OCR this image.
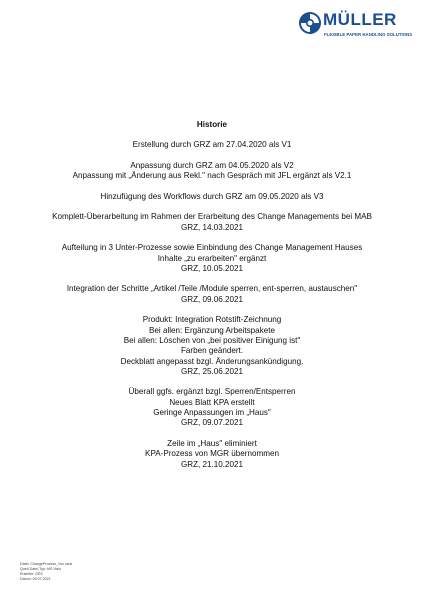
MÜLLER
FLEXIBLE PAPER HANDLING SOLUTIONS
Historie
Erstellung durch GRZ am 27.04.2020 als V1
Anpassung durch GRZ am 04.05.2020 als V2
Anpassung mit „Änderung aus Rekl." nach Gespräch mit JFL ergänzt als V2.1
Hinzufügung des Workflows durch GRZ am 09.05.2020 als V3
Komplett-Überarbeitung im Rahmen der Erarbeitung des Change Managements bei MAB
GRZ, 14.03.2021
Aufteilung in 3 Unter-Prozesse sowie Einbindung des Change Management Hauses
Inhalte „zu erarbeiten" ergänzt
GRZ, 10.05.2021
Integration der Schritte „Artikel /Teile /Module sperren, ent-sperren, austauschen"
GRZ, 09.06.2021
Produkt: Integration Rotstift-Zeichnung
Bei allen: Ergänzung Arbeitspakete
Bei allen: Löschen von „bei positiver Einigung ist"
Farben geändert.
Deckblatt angepasst bzgl. Änderungsankündigung.
GRZ, 25.06.2021
Überall ggfs. ergänzt bzgl. Sperren/Entsperren
Neues Blatt KPA erstellt
Geringe Anpassungen im „Haus"
GRZ, 09.07.2021
Zeile im „Haus" eliminiert
KPA-Prozess von MGR übernommen
GRZ, 21.10.2021
Datei: ChangeProzess_Vxx.vsdx
Quell-Datei-Typ: MS Visio
Ersteller: GRZ
Datum: 09.07.2021
